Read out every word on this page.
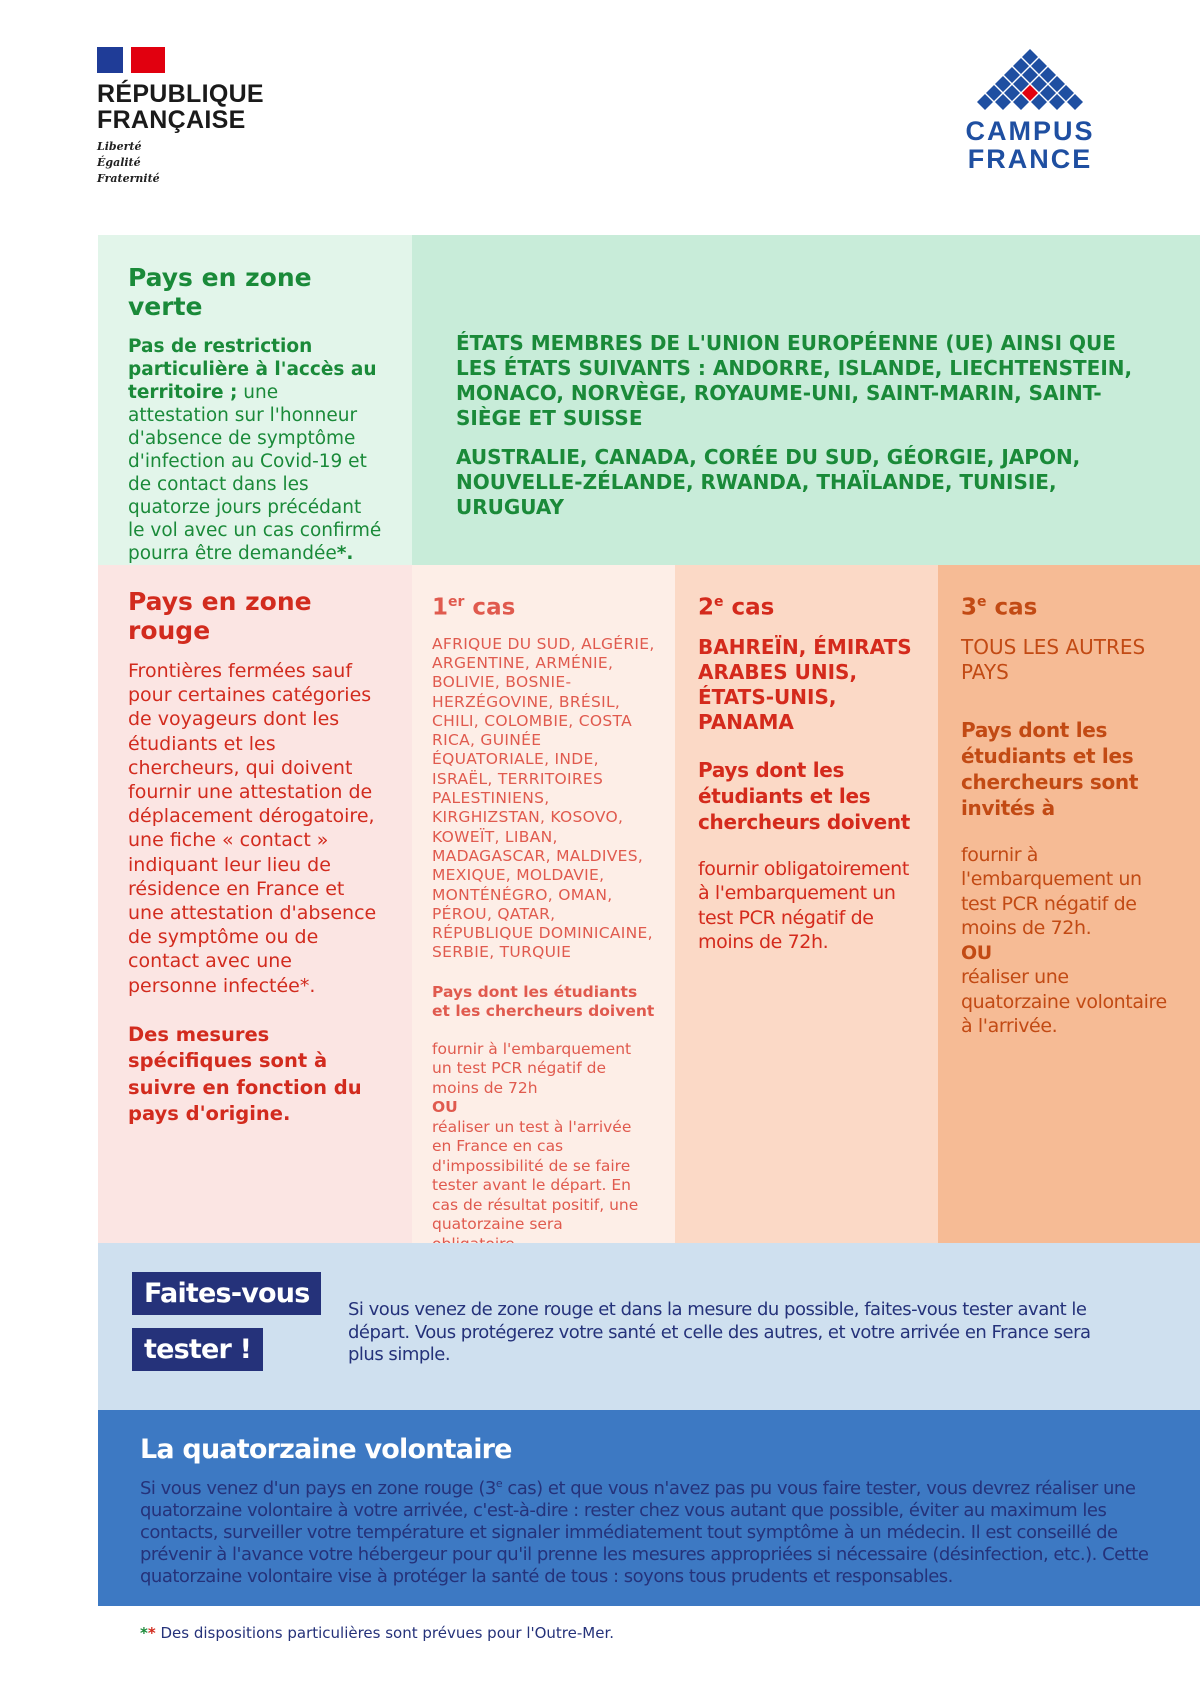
RÉPUBLIQUE
FRANÇAISE
Liberté
Égalité
Fraternité
CAMPUS
FRANCE
Pays en zone verte
Pas de restriction particulière à l'accès au territoire ; une attestation sur l'honneur d'absence de symptôme d'infection au Covid-19 et de contact dans les quatorze jours précédant le vol avec un cas confirmé pourra être demandée*.
ÉTATS MEMBRES DE L'UNION EUROPÉENNE (UE) AINSI QUE LES ÉTATS SUIVANTS : ANDORRE, ISLANDE, LIECHTENSTEIN, MONACO, NORVÈGE, ROYAUME-UNI, SAINT-MARIN, SAINT-SIÈGE ET SUISSE
AUSTRALIE, CANADA, CORÉE DU SUD, GÉORGIE, JAPON, NOUVELLE-ZÉLANDE, RWANDA, THAÏLANDE, TUNISIE, URUGUAY
Pays en zone rouge
Frontières fermées sauf pour certaines catégories de voyageurs dont les étudiants et les chercheurs, qui doivent fournir une attestation de déplacement dérogatoire, une fiche « contact » indiquant leur lieu de résidence en France et une attestation d'absence de symptôme ou de contact avec une personne infectée*.
Des mesures spécifiques sont à suivre en fonction du pays d'origine.
1er cas
AFRIQUE DU SUD, ALGÉRIE, ARGENTINE, ARMÉNIE, BOLIVIE, BOSNIE-HERZÉGOVINE, BRÉSIL, CHILI, COLOMBIE, COSTA RICA, GUINÉE ÉQUATORIALE, INDE, ISRAËL, TERRITOIRES PALESTINIENS, KIRGHIZSTAN, KOSOVO, KOWEÏT, LIBAN, MADAGASCAR, MALDIVES, MEXIQUE, MOLDAVIE, MONTÉNÉGRO, OMAN, PÉROU, QATAR, RÉPUBLIQUE DOMINICAINE, SERBIE, TURQUIE
Pays dont les étudiants et les chercheurs doivent
fournir à l'embarquement un test PCR négatif de moins de 72h
OU
réaliser un test à l'arrivée en France en cas d'impossibilité de se faire tester avant le départ. En cas de résultat positif, une quatorzaine sera
2e cas
BAHREÏN, ÉMIRATS ARABES UNIS, ÉTATS-UNIS, PANAMA
Pays dont les étudiants et les chercheurs doivent
fournir obligatoirement à l'embarquement un test PCR négatif de moins de 72h.
3e cas
TOUS LES AUTRES PAYS
Pays dont les étudiants et les chercheurs sont invités à
fournir à l'embarquement un test PCR négatif de moins de 72h.
OU
réaliser une quatorzaine volontaire à l'arrivée.
Faites-vous
tester !
Si vous venez de zone rouge et dans la mesure du possible, faites-vous tester avant le départ. Vous protégerez votre santé et celle des autres, et votre arrivée en France sera plus simple.
La quatorzaine volontaire
Si vous venez d'un pays en zone rouge (3e cas) et que vous n'avez pas pu vous faire tester, vous devrez réaliser une quatorzaine volontaire à votre arrivée, c'est-à-dire : rester chez vous autant que possible, éviter au maximum les contacts, surveiller votre température et signaler immédiatement tout symptôme à un médecin. Il est conseillé de prévenir à l'avance votre hébergeur pour qu'il prenne les mesures appropriées si nécessaire (désinfection, etc.). Cette quatorzaine volontaire vise à protéger la santé de tous : soyons tous prudents et responsables.
** Des dispositions particulières sont prévues pour l'Outre-Mer.
